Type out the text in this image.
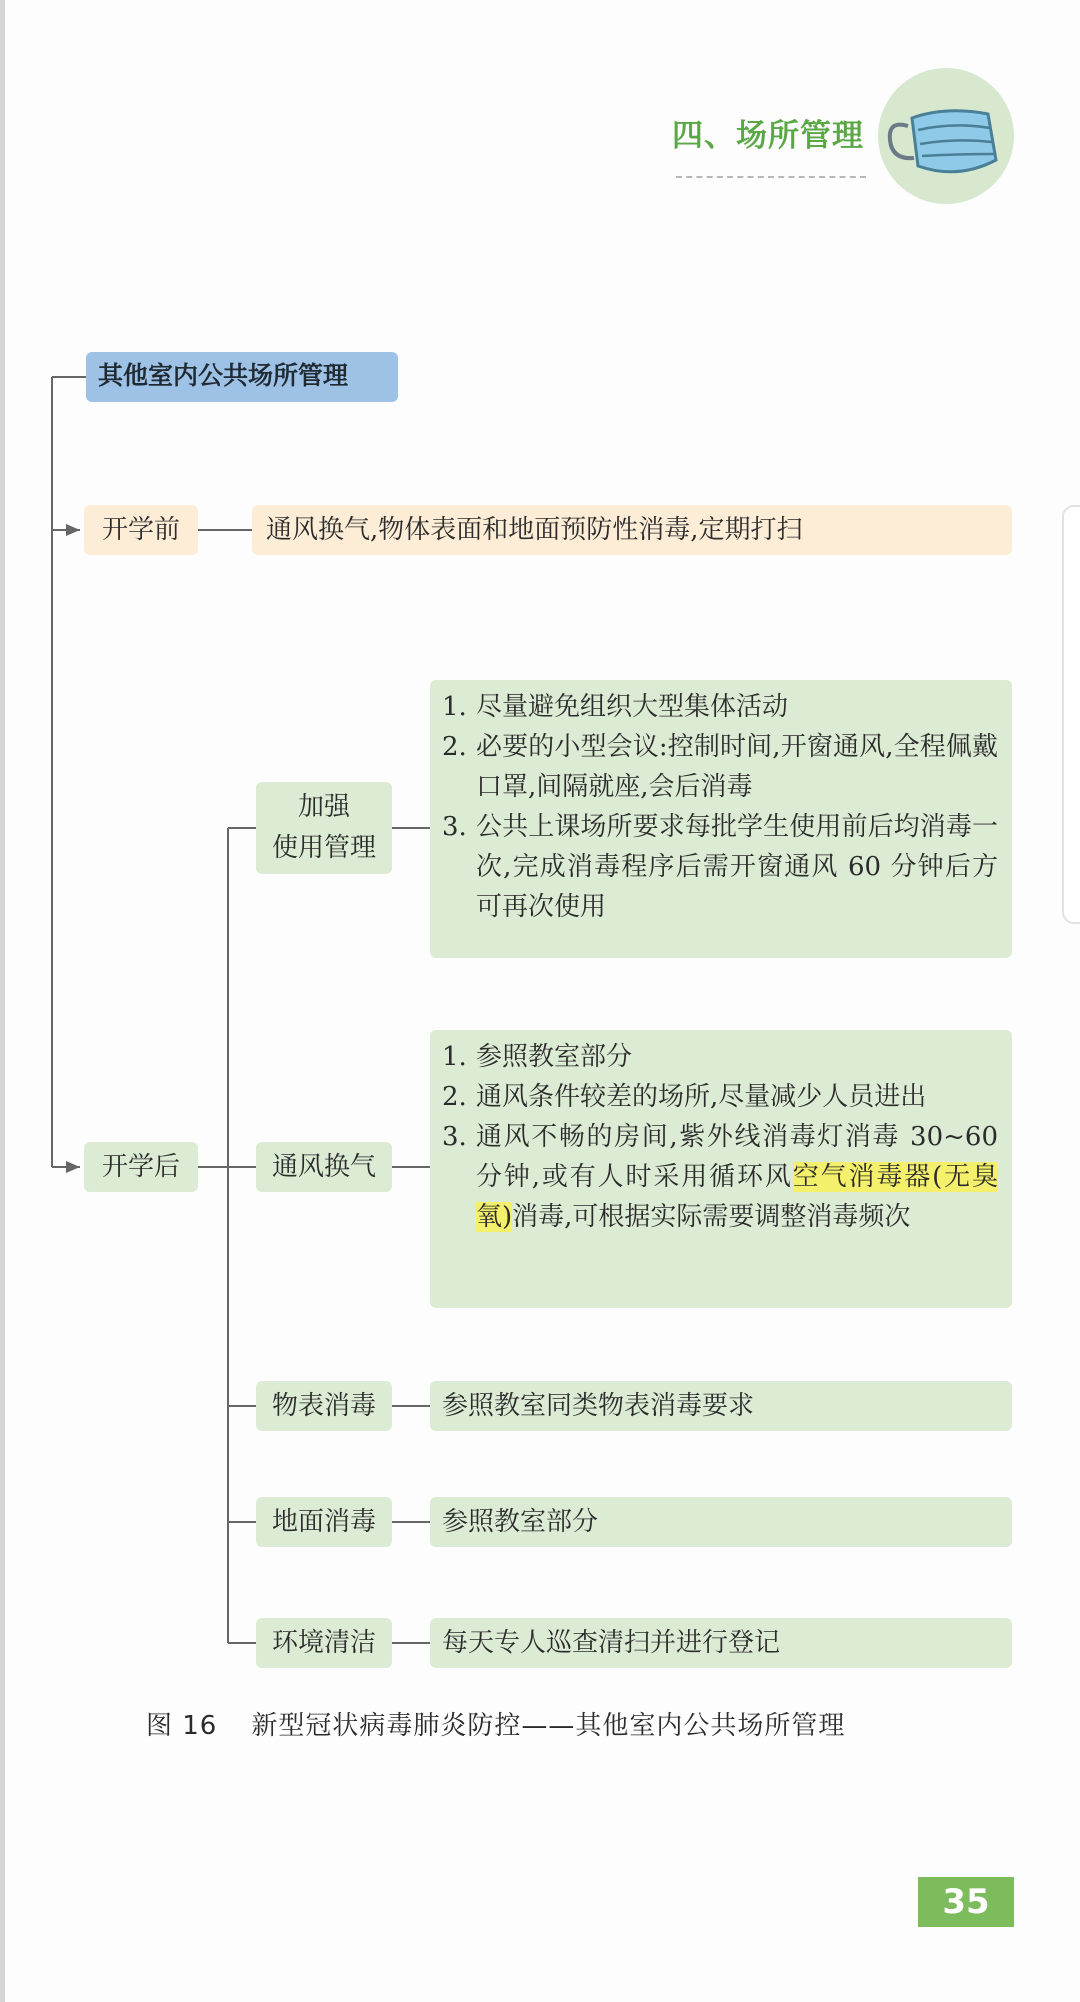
四、场所管理
其他室内公共场所管理
开学前	通风换气,物体表面和地面预防性消毒,定期打扫
开学后
加强
使用管理
1. 尽量避免组织大型集体活动
2. 必要的小型会议:控制时间,开窗通风,全程佩戴口罩,间隔就座,会后消毒
3. 公共上课场所要求每批学生使用前后均消毒一次,完成消毒程序后需开窗通风 60 分钟后方可再次使用
通风换气
1. 参照教室部分
2. 通风条件较差的场所,尽量减少人员进出
3. 通风不畅的房间,紫外线消毒灯消毒 30~60 分钟,或有人时采用循环风空气消毒器(无臭氧)消毒,可根据实际需要调整消毒频次
物表消毒	参照教室同类物表消毒要求
地面消毒	参照教室部分
环境清洁	每天专人巡查清扫并进行登记
图 16 新型冠状病毒肺炎防控——其他室内公共场所管理
35
